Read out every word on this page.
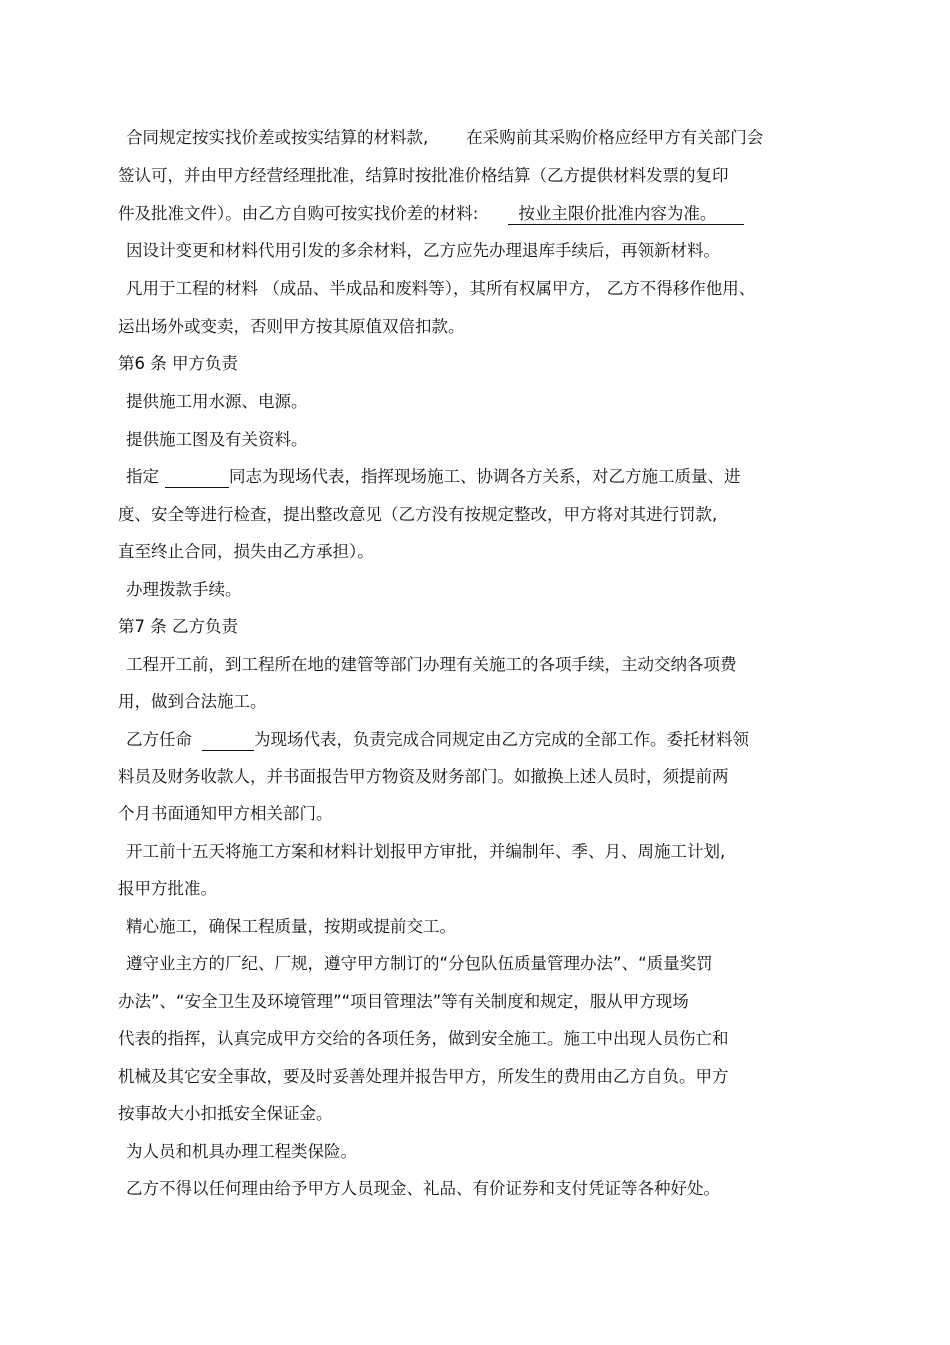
合同规定按实找价差或按实结算的材料款, 在采购前其采购价格应经甲方有关部门会
签认可，并由甲方经营经理批准，结算时按批准价格结算（乙方提供材料发票的复印
件及批准文件）。由乙方自购可按实找价差的材料: 按业主限价批准内容为准。
因设计变更和材料代用引发的多余材料，乙方应先办理退库手续后，再领新材料。
凡用于工程的材料 （成品、半成品和废料等），其所有权属甲方， 乙方不得移作他用、
运出场外或变卖，否则甲方按其原值双倍扣款。
第6 条 甲方负责
提供施工用水源、电源。
提供施工图及有关资料。
指定	同志为现场代表，指挥现场施工、协调各方关系，对乙方施工质量、进
度、安全等进行检查，提出整改意见（乙方没有按规定整改，甲方将对其进行罚款,
直至终止合同，损失由乙方承担）。
办理拨款手续。
第7 条 乙方负责
工程开工前，到工程所在地的建管等部门办理有关施工的各项手续，主动交纳各项费
用，做到合法施工。
乙方任命	为现场代表，负责完成合同规定由乙方完成的全部工作。委托材料领
料员及财务收款人，并书面报告甲方物资及财务部门。如撤换上述人员时，须提前两
个月书面通知甲方相关部门。
开工前十五天将施工方案和材料计划报甲方审批，并编制年、季、月、周施工计划,
报甲方批准。
精心施工，确保工程质量，按期或提前交工。
遵守业主方的厂纪、厂规，遵守甲方制订的“分包队伍质量管理办法”、“质量奖罚
办法”、“安全卫生及环境管理”“项目管理法”等有关制度和规定，服从甲方现场
代表的指挥，认真完成甲方交给的各项任务，做到安全施工。施工中出现人员伤亡和
机械及其它安全事故，要及时妥善处理并报告甲方，所发生的费用由乙方自负。甲方
按事故大小扣抵安全保证金。
为人员和机具办理工程类保险。
乙方不得以任何理由给予甲方人员现金、礼品、有价证券和支付凭证等各种好处。
